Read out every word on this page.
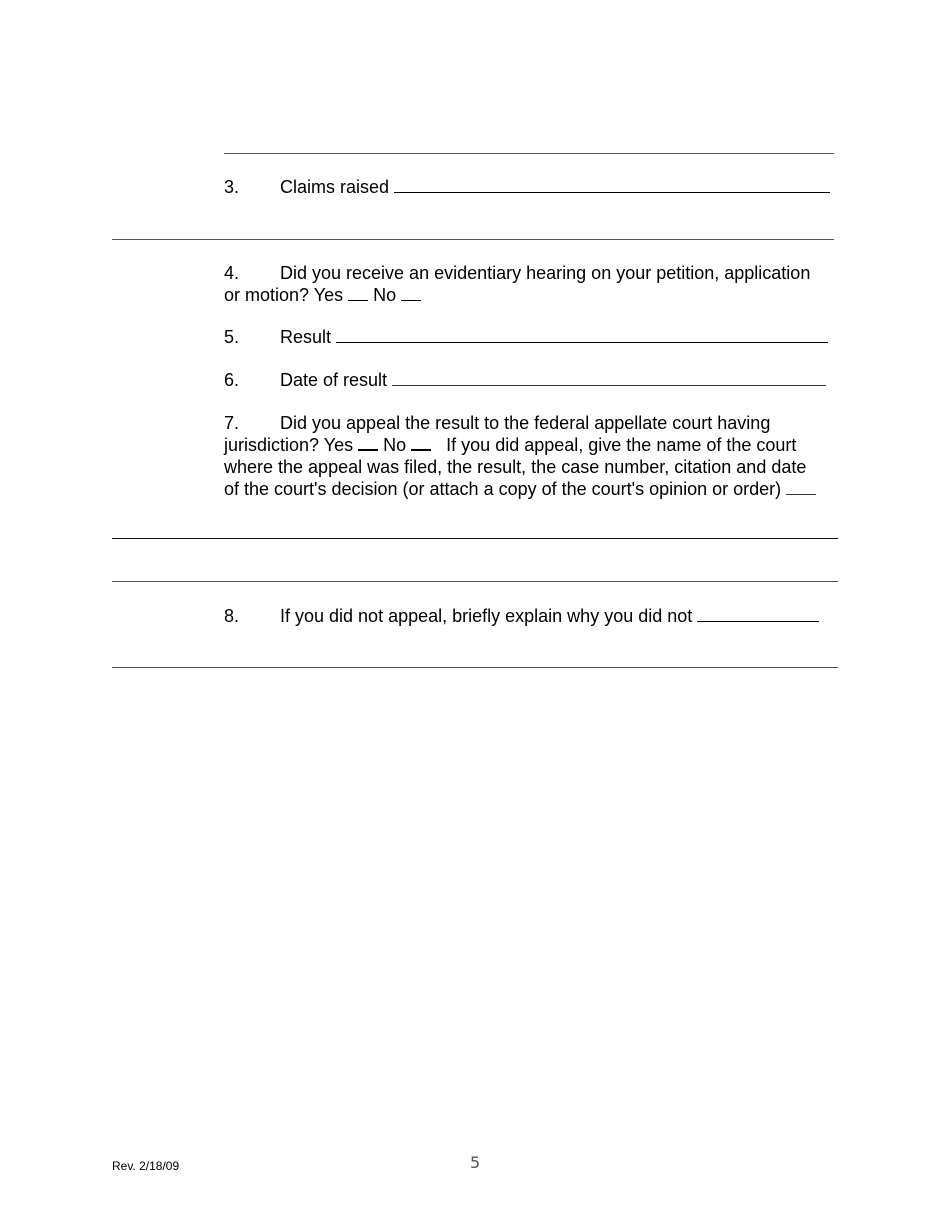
3. Claims raised
4. Did you receive an evidentiary hearing on your petition, application
or motion? Yes No
5. Result
6. Date of result
7. Did you appeal the result to the federal appellate court having
jurisdiction? Yes No If you did appeal, give the name of the court
where the appeal was filed, the result, the case number, citation and date
of the court's decision (or attach a copy of the court's opinion or order)
8. If you did not appeal, briefly explain why you did not
Rev. 2/18/09	5
